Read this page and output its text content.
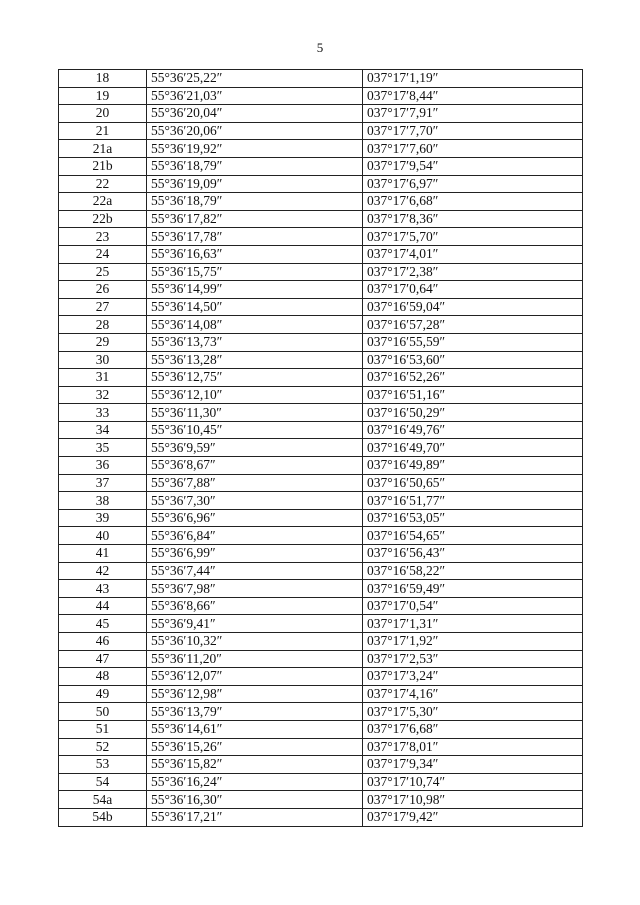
5
18	55°36′25,22″	037°17′1,19″
19	55°36′21,03″	037°17′8,44″
20	55°36′20,04″	037°17′7,91″
21	55°36′20,06″	037°17′7,70″
21a	55°36′19,92″	037°17′7,60″
21b	55°36′18,79″	037°17′9,54″
22	55°36′19,09″	037°17′6,97″
22a	55°36′18,79″	037°17′6,68″
22b	55°36′17,82″	037°17′8,36″
23	55°36′17,78″	037°17′5,70″
24	55°36′16,63″	037°17′4,01″
25	55°36′15,75″	037°17′2,38″
26	55°36′14,99″	037°17′0,64″
27	55°36′14,50″	037°16′59,04″
28	55°36′14,08″	037°16′57,28″
29	55°36′13,73″	037°16′55,59″
30	55°36′13,28″	037°16′53,60″
31	55°36′12,75″	037°16′52,26″
32	55°36′12,10″	037°16′51,16″
33	55°36′11,30″	037°16′50,29″
34	55°36′10,45″	037°16′49,76″
35	55°36′9,59″	037°16′49,70″
36	55°36′8,67″	037°16′49,89″
37	55°36′7,88″	037°16′50,65″
38	55°36′7,30″	037°16′51,77″
39	55°36′6,96″	037°16′53,05″
40	55°36′6,84″	037°16′54,65″
41	55°36′6,99″	037°16′56,43″
42	55°36′7,44″	037°16′58,22″
43	55°36′7,98″	037°16′59,49″
44	55°36′8,66″	037°17′0,54″
45	55°36′9,41″	037°17′1,31″
46	55°36′10,32″	037°17′1,92″
47	55°36′11,20″	037°17′2,53″
48	55°36′12,07″	037°17′3,24″
49	55°36′12,98″	037°17′4,16″
50	55°36′13,79″	037°17′5,30″
51	55°36′14,61″	037°17′6,68″
52	55°36′15,26″	037°17′8,01″
53	55°36′15,82″	037°17′9,34″
54	55°36′16,24″	037°17′10,74″
54a	55°36′16,30″	037°17′10,98″
54b	55°36′17,21″	037°17′9,42″
